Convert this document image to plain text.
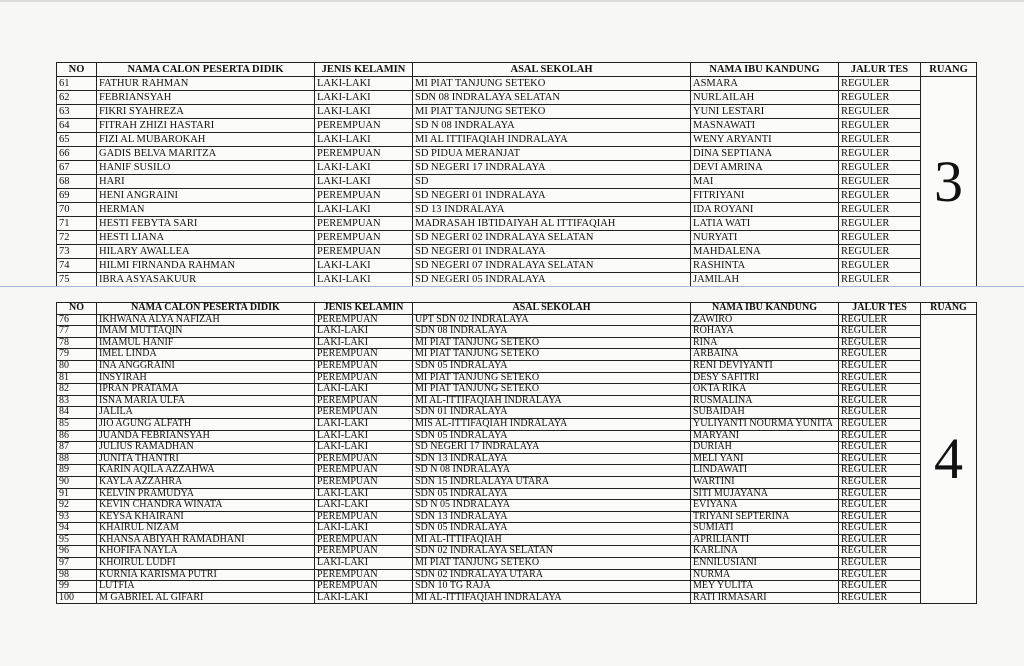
NO	NAMA CALON PESERTA DIDIK	JENIS KELAMIN	ASAL SEKOLAH	NAMA IBU KANDUNG	JALUR TES	RUANG
61	FATHUR RAHMAN	LAKI-LAKI	MI PIAT TANJUNG SETEKO	ASMARA	REGULER	3
62	FEBRIANSYAH	LAKI-LAKI	SDN 08 INDRALAYA SELATAN	NURLAILAH	REGULER	
63	FIKRI SYAHREZA	LAKI-LAKI	MI PIAT TANJUNG SETEKO	YUNI LESTARI	REGULER	
64	FITRAH ZHIZI HASTARI	PEREMPUAN	SD N 08 INDRALAYA	MASNAWATI	REGULER	
65	FIZI AL MUBAROKAH	LAKI-LAKI	MI AL ITTIFAQIAH INDRALAYA	WENY ARYANTI	REGULER	
66	GADIS BELVA MARITZA	PEREMPUAN	SD PIDUA MERANJAT	DINA SEPTIANA	REGULER	
67	HANIF SUSILO	LAKI-LAKI	SD NEGERI 17 INDRALAYA	DEVI AMRINA	REGULER	
68	HARI	LAKI-LAKI	SD	MAI	REGULER	
69	HENI ANGRAINI	PEREMPUAN	SD NEGERI 01 INDRALAYA	FITRIYANI	REGULER	
70	HERMAN	LAKI-LAKI	SD 13 INDRALAYA	IDA ROYANI	REGULER	
71	HESTI FEBYTA SARI	PEREMPUAN	MADRASAH IBTIDAIYAH AL ITTIFAQIAH	LATIA WATI	REGULER	
72	HESTI LIANA	PEREMPUAN	SD NEGERI 02 INDRALAYA SELATAN	NURYATI	REGULER	
73	HILARY AWALLEA	PEREMPUAN	SD NEGERI 01 INDRALAYA	MAHDALENA	REGULER	
74	HILMI FIRNANDA RAHMAN	LAKI-LAKI	SD NEGERI 07 INDRALAYA SELATAN	RASHINTA	REGULER	
75	IBRA ASYASAKUUR	LAKI-LAKI	SD NEGERI 05 INDRALAYA	JAMILAH	REGULER	
NO	NAMA CALON PESERTA DIDIK	JENIS KELAMIN	ASAL SEKOLAH	NAMA IBU KANDUNG	JALUR TES	RUANG
76	IKHWANA ALYA NAFIZAH	PEREMPUAN	UPT SDN 02 INDRALAYA	ZAWIRO	REGULER	4
77	IMAM MUTTAQIN	LAKI-LAKI	SDN 08 INDRALAYA	ROHAYA	REGULER	
78	IMAMUL HANIF	LAKI-LAKI	MI PIAT TANJUNG SETEKO	RINA	REGULER	
79	IMEL LINDA	PEREMPUAN	MI PIAT TANJUNG SETEKO	ARBAINA	REGULER	
80	INA ANGGRAINI	PEREMPUAN	SDN 05 INDRALAYA	RENI DEVIYANTI	REGULER	
81	INSYIRAH	PEREMPUAN	MI PIAT TANJUNG SETEKO	DESY SAFITRI	REGULER	
82	IPRAN PRATAMA	LAKI-LAKI	MI PIAT TANJUNG SETEKO	OKTA RIKA	REGULER	
83	ISNA MARIA ULFA	PEREMPUAN	MI AL-ITTIFAQIAH INDRALAYA	RUSMALINA	REGULER	
84	JALILA	PEREMPUAN	SDN 01 INDRALAYA	SUBAIDAH	REGULER	
85	JIO AGUNG ALFATH	LAKI-LAKI	MIS AL-ITTIFAQIAH INDRALAYA	YULIYANTI NOURMA YUNITA	REGULER	
86	JUANDA FEBRIANSYAH	LAKI-LAKI	SDN 05 INDRALAYA	MARYANI	REGULER	
87	JULIUS RAMADHAN	LAKI-LAKI	SD NEGERI 17 INDRALAYA	DURIAH	REGULER	
88	JUNITA THANTRI	PEREMPUAN	SDN 13 INDRALAYA	MELI YANI	REGULER	
89	KARIN AQILA AZZAHWA	PEREMPUAN	SD N 08 INDRALAYA	LINDAWATI	REGULER	
90	KAYLA AZZAHRA	PEREMPUAN	SDN 15 INDRLALAYA UTARA	WARTINI	REGULER	
91	KELVIN PRAMUDYA	LAKI-LAKI	SDN 05 INDRALAYA	SITI MUJAYANA	REGULER	
92	KEVIN CHANDRA WINATA	LAKI-LAKI	SD N 05 INDRALAYA	EVIYANA	REGULER	
93	KEYSA KHAIRANI	PEREMPUAN	SDN 13 INDRALAYA	TRIYANI SEPTERINA	REGULER	
94	KHAIRUL NIZAM	LAKI-LAKI	SDN 05 INDRALAYA	SUMIATI	REGULER	
95	KHANSA ABIYAH RAMADHANI	PEREMPUAN	MI AL-ITTIFAQIAH	APRILIANTI	REGULER	
96	KHOFIFA NAYLA	PEREMPUAN	SDN 02 INDRALAYA SELATAN	KARLINA	REGULER	
97	KHOIRUL LUDFI	LAKI-LAKI	MI PIAT TANJUNG SETEKO	ENNILUSIANI	REGULER	
98	KURNIA KARISMA PUTRI	PEREMPUAN	SDN 02 INDRALAYA UTARA	NURMA	REGULER	
99	LUTFIA	PEREMPUAN	SDN 10 TG RAJA	MEY YULITA	REGULER	
100	M GABRIEL AL GIFARI	LAKI-LAKI	MI AL-ITTIFAQIAH INDRALAYA	RATI IRMASARI	REGULER	
